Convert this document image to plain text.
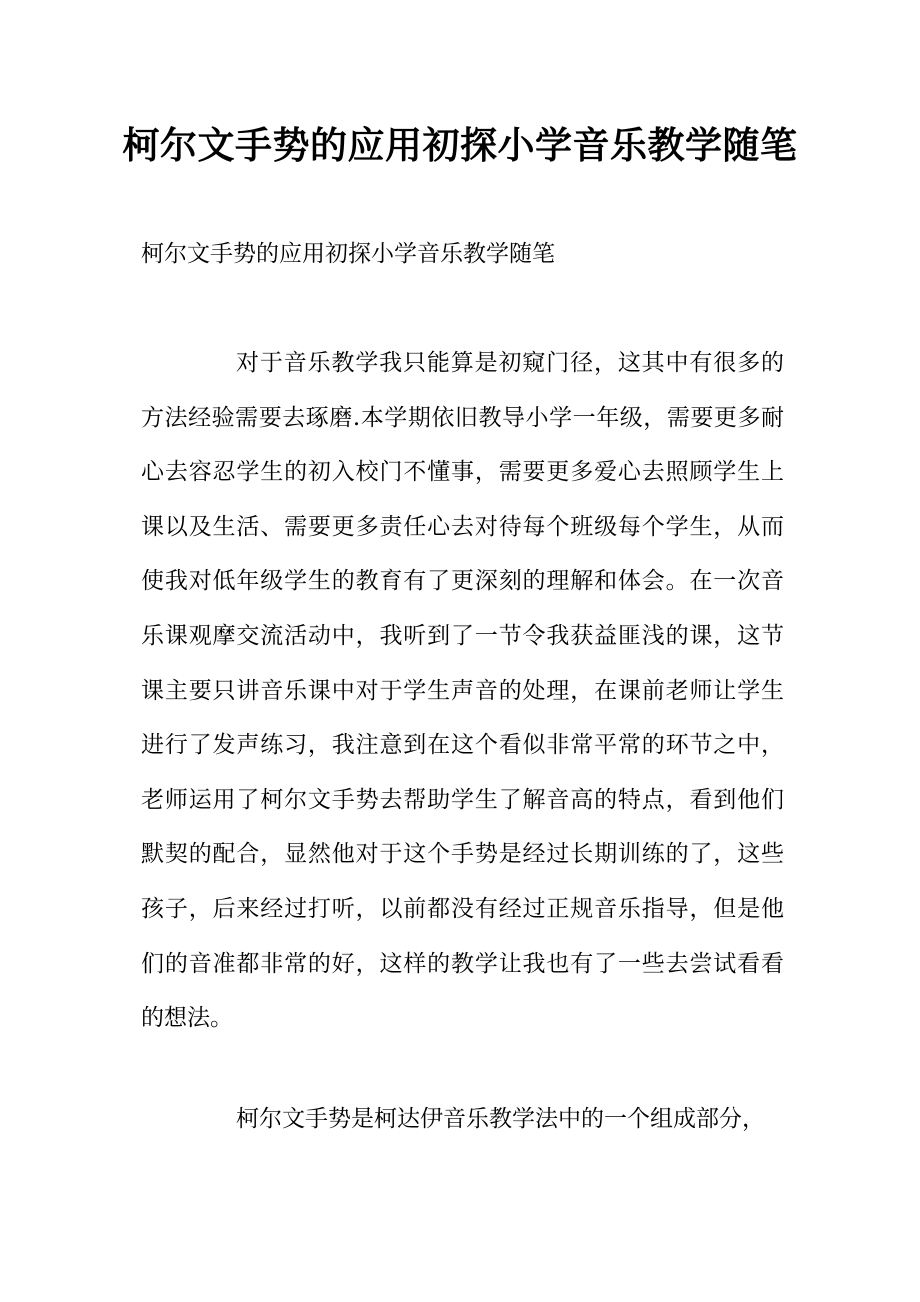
柯尔文手势的应用初探小学音乐教学随笔

柯尔文手势的应用初探小学音乐教学随笔

对于音乐教学我只能算是初窥门径，这其中有很多的方法经验需要去琢磨.本学期依旧教导小学一年级，需要更多耐心去容忍学生的初入校门不懂事，需要更多爱心去照顾学生上课以及生活、需要更多责任心去对待每个班级每个学生，从而使我对低年级学生的教育有了更深刻的理解和体会。在一次音乐课观摩交流活动中，我听到了一节令我获益匪浅的课，这节课主要只讲音乐课中对于学生声音的处理，在课前老师让学生进行了发声练习，我注意到在这个看似非常平常的环节之中，老师运用了柯尔文手势去帮助学生了解音高的特点，看到他们默契的配合，显然他对于这个手势是经过长期训练的了，这些孩子，后来经过打听，以前都没有经过正规音乐指导，但是他们的音准都非常的好，这样的教学让我也有了一些去尝试看看的想法。

柯尔文手势是柯达伊音乐教学法中的一个组成部分，
